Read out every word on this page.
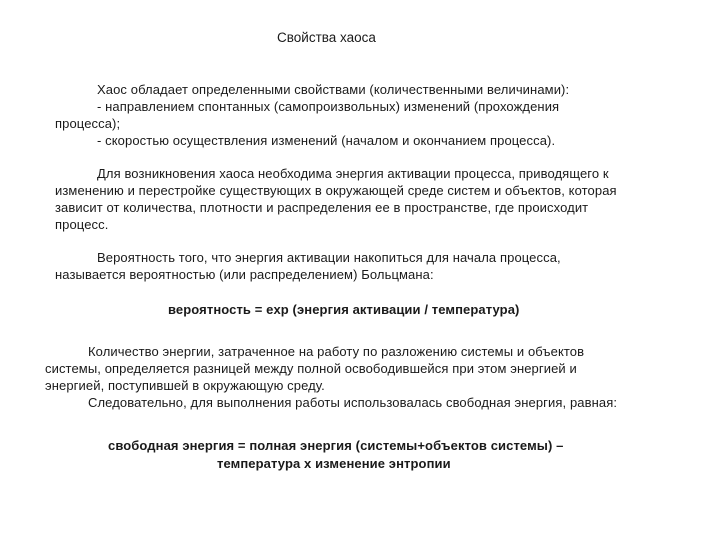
Свойства хаоса
Хаос обладает определенными свойствами (количественными величинами):
- направлением спонтанных (самопроизвольных) изменений (прохождения
процесса);
- скоростью осуществления изменений (началом и окончанием процесса).
Для возникновения хаоса необходима энергия активации процесса, приводящего к
изменению и перестройке существующих в окружающей среде систем и объектов, которая
зависит от количества, плотности и распределения ее в пространстве, где происходит
процесс.
Вероятность того, что энергия активации накопиться для начала процесса,
называется вероятностью (или распределением) Больцмана:
вероятность = exp (энергия активации / температура)
Количество энергии, затраченное на работу по разложению системы и объектов
системы, определяется разницей между полной освободившейся при этом энергией и
энергией, поступившей в окружающую среду.
Следовательно, для выполнения работы использовалась свободная энергия, равная:
свободная энергия = полная энергия (системы+объектов системы) –
температура х изменение энтропии
